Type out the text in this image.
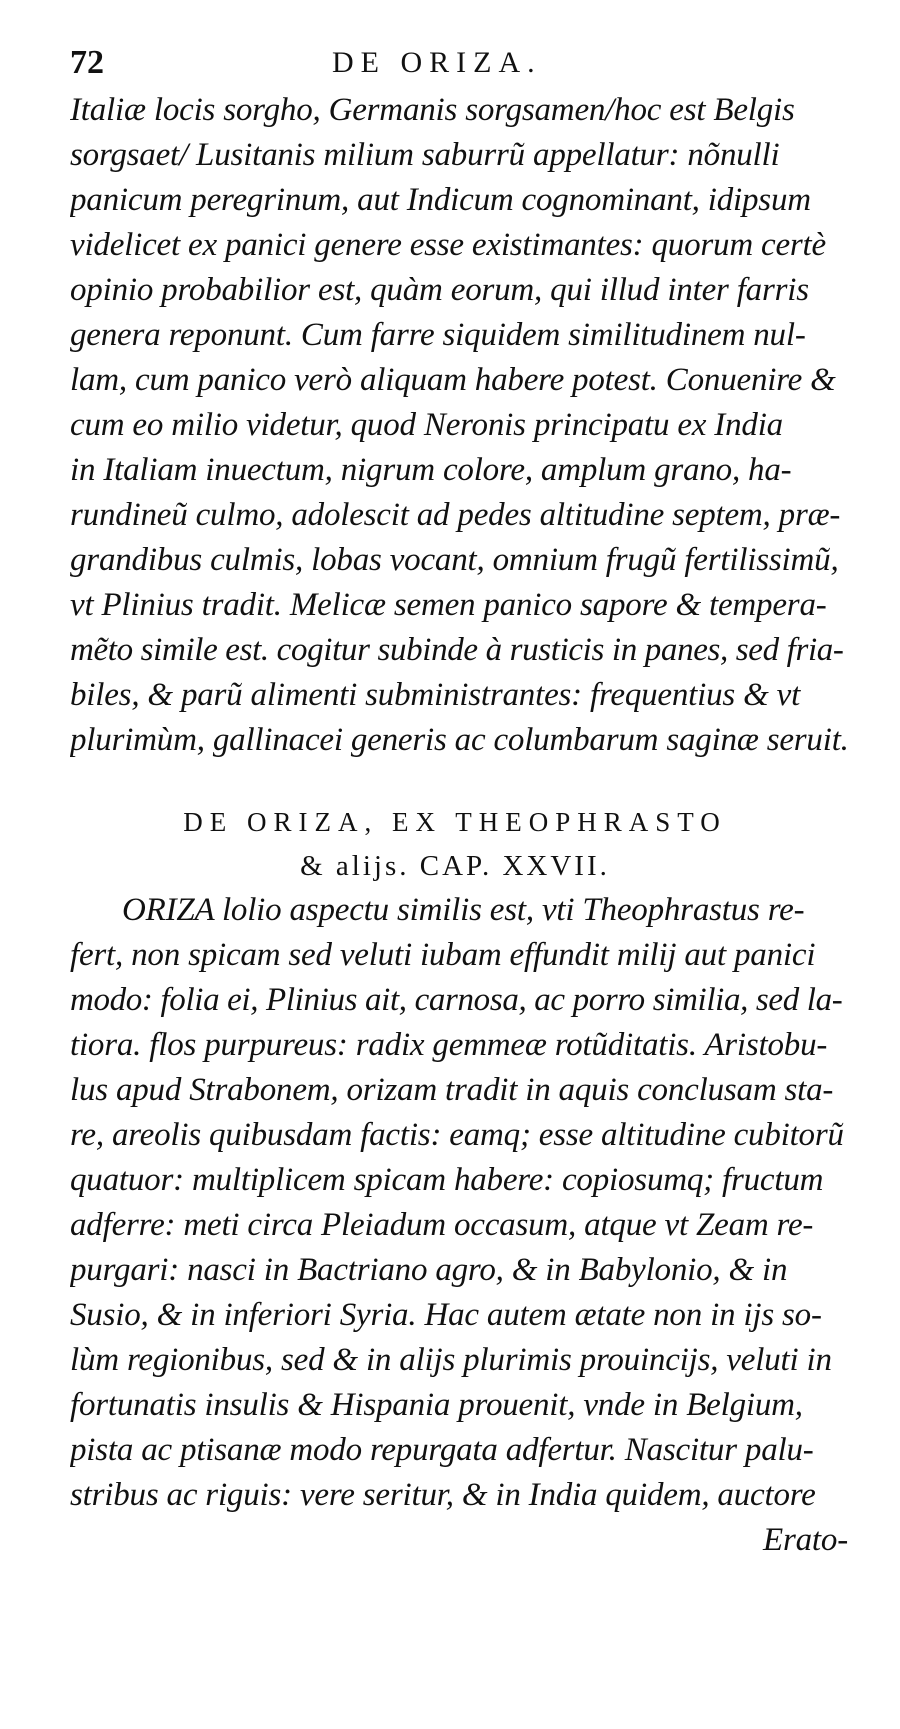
72	DE ORIZA.
Italiæ locis sorgho, Germanis sorgsamen/hoc est Belgis
sorgsaet/ Lusitanis milium saburrũ appellatur: nõnulli
panicum peregrinum, aut Indicum cognominant, idipsum
videlicet ex panici genere esse existimantes: quorum certè
opinio probabilior est, quàm eorum, qui illud inter farris
genera reponunt. Cum farre siquidem similitudinem nul-
lam, cum panico verò aliquam habere potest. Conuenire &
cum eo milio videtur, quod Neronis principatu ex India
in Italiam inuectum, nigrum colore, amplum grano, ha-
rundineũ culmo, adolescit ad pedes altitudine septem, præ-
grandibus culmis, lobas vocant, omnium frugũ fertilissimũ,
vt Plinius tradit. Melicæ semen panico sapore & tempera-
mẽto simile est. cogitur subinde à rusticis in panes, sed fria-
biles, & parũ alimenti subministrantes: frequentius & vt
plurimùm, gallinacei generis ac columbarum saginæ seruit.
DE ORIZA, EX THEOPHRASTO
& alijs. CAP. XXVII.
ORIZA lolio aspectu similis est, vti Theophrastus re-
fert, non spicam sed veluti iubam effundit milij aut panici
modo: folia ei, Plinius ait, carnosa, ac porro similia, sed la-
tiora. flos purpureus: radix gemmeæ rotũditatis. Aristobu-
lus apud Strabonem, orizam tradit in aquis conclusam sta-
re, areolis quibusdam factis: eamq; esse altitudine cubitorũ
quatuor: multiplicem spicam habere: copiosumq; fructum
adferre: meti circa Pleiadum occasum, atque vt Zeam re-
purgari: nasci in Bactriano agro, & in Babylonio, & in
Susio, & in inferiori Syria. Hac autem ætate non in ijs so-
lùm regionibus, sed & in alijs plurimis prouincijs, veluti in
fortunatis insulis & Hispania prouenit, vnde in Belgium,
pista ac ptisanæ modo repurgata adfertur. Nascitur palu-
stribus ac riguis: vere seritur, & in India quidem, auctore
Erato-
